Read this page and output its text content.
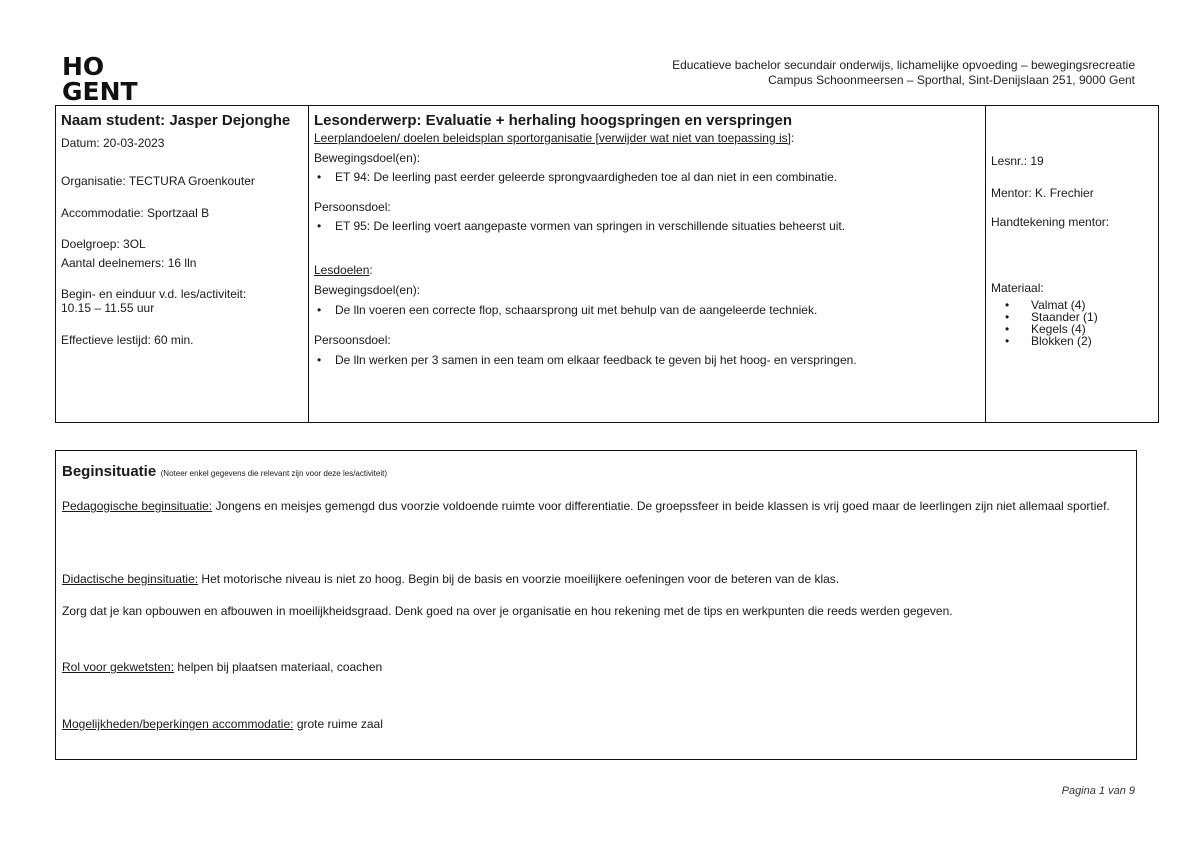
HO
GENT
Educatieve bachelor secundair onderwijs, lichamelijke opvoeding – bewegingsrecreatie
Campus Schoonmeersen – Sporthal, Sint-Denijslaan 251, 9000 Gent
Naam student: Jasper Dejonghe
Datum: 20-03-2023
Organisatie: TECTURA Groenkouter
Accommodatie: Sportzaal B
Doelgroep: 3OL
Aantal deelnemers: 16 lln
Begin- en einduur v.d. les/activiteit:
10.15 – 11.55 uur
Effectieve lestijd: 60 min.

Lesonderwerp: Evaluatie + herhaling hoogspringen en verspringen
Leerplandoelen/ doelen beleidsplan sportorganisatie [verwijder wat niet van toepassing is]:
Bewegingsdoel(en):
•	ET 94: De leerling past eerder geleerde sprongvaardigheden toe al dan niet in een combinatie.
Persoonsdoel:
•	ET 95: De leerling voert aangepaste vormen van springen in verschillende situaties beheerst uit.
Lesdoelen:
Bewegingsdoel(en):
•	De lln voeren een correcte flop, schaarsprong uit met behulp van de aangeleerde techniek.
Persoonsdoel:
•	De lln werken per 3 samen in een team om elkaar feedback te geven bij het hoog- en verspringen.

Lesnr.: 19
Mentor: K. Frechier
Handtekening mentor:
Materiaal:
•	Valmat (4)
•	Staander (1)
•	Kegels (4)
•	Blokken (2)
Beginsituatie (Noteer enkel gegevens die relevant zijn voor deze les/activiteit)
Pedagogische beginsituatie: Jongens en meisjes gemengd dus voorzie voldoende ruimte voor differentiatie. De groepssfeer in beide klassen is vrij goed maar de leerlingen zijn niet allemaal sportief.
Didactische beginsituatie: Het motorische niveau is niet zo hoog. Begin bij de basis en voorzie moeilijkere oefeningen voor de beteren van de klas.
Zorg dat je kan opbouwen en afbouwen in moeilijkheidsgraad. Denk goed na over je organisatie en hou rekening met de tips en werkpunten die reeds werden gegeven.
Rol voor gekwetsten: helpen bij plaatsen materiaal, coachen
Mogelijkheden/beperkingen accommodatie: grote ruime zaal
Pagina 1 van 9
